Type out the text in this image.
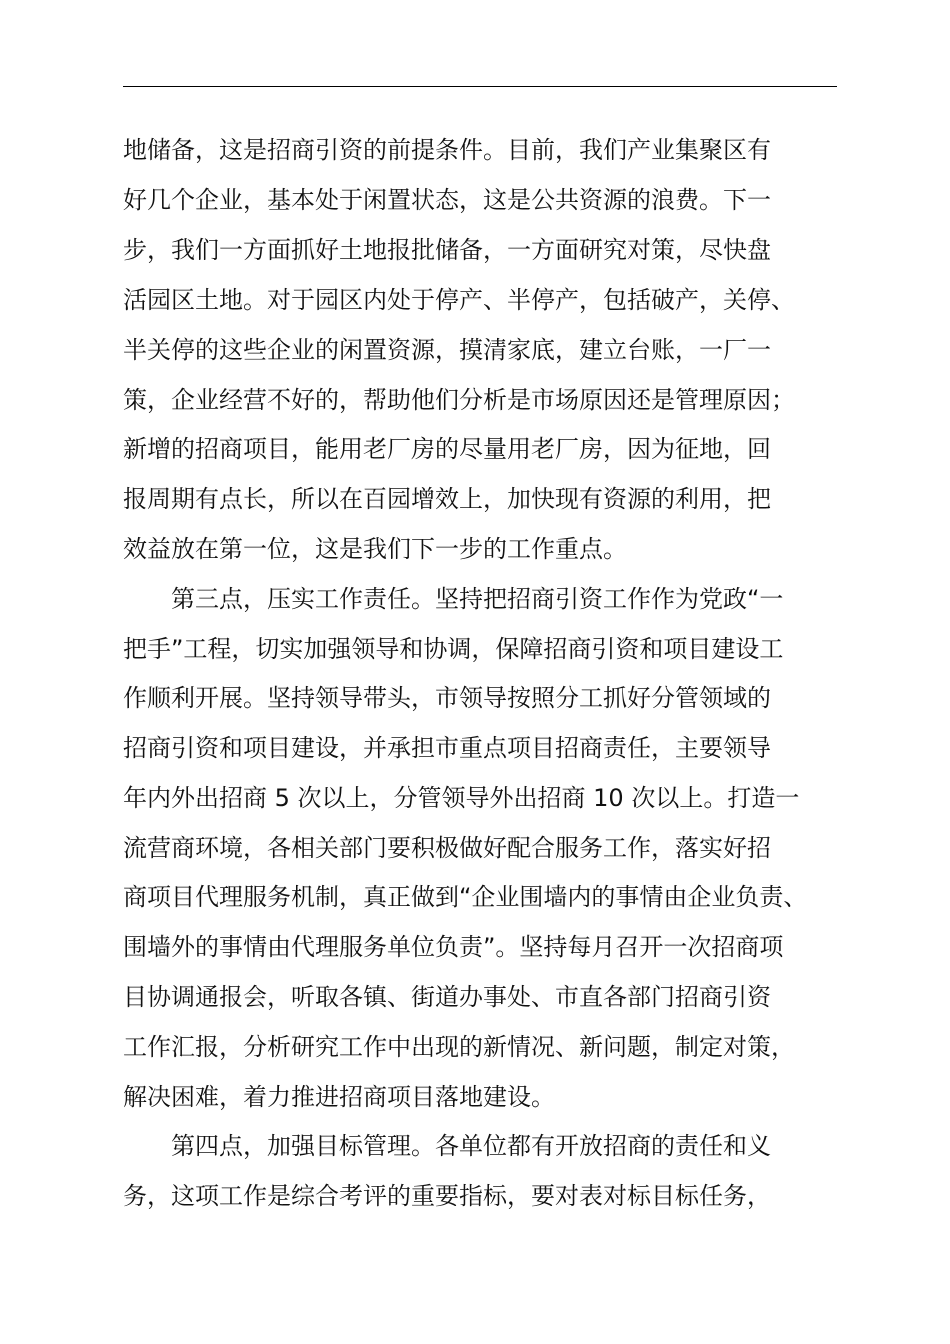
地储备，这是招商引资的前提条件。目前，我们产业集聚区有
好几个企业，基本处于闲置状态，这是公共资源的浪费。下一
步，我们一方面抓好土地报批储备，一方面研究对策，尽快盘
活园区土地。对于园区内处于停产、半停产，包括破产，关停、
半关停的这些企业的闲置资源，摸清家底，建立台账，一厂一
策，企业经营不好的，帮助他们分析是市场原因还是管理原因；
新增的招商项目，能用老厂房的尽量用老厂房，因为征地，回
报周期有点长，所以在百园增效上，加快现有资源的利用，把
效益放在第一位，这是我们下一步的工作重点。
第三点，压实工作责任。坚持把招商引资工作作为党政“一
把手”工程，切实加强领导和协调，保障招商引资和项目建设工
作顺利开展。坚持领导带头，市领导按照分工抓好分管领域的
招商引资和项目建设，并承担市重点项目招商责任，主要领导
年内外出招商 5 次以上，分管领导外出招商 10 次以上。打造一
流营商环境，各相关部门要积极做好配合服务工作，落实好招
商项目代理服务机制，真正做到“企业围墙内的事情由企业负责、
围墙外的事情由代理服务单位负责”。坚持每月召开一次招商项
目协调通报会，听取各镇、街道办事处、市直各部门招商引资
工作汇报，分析研究工作中出现的新情况、新问题，制定对策，
解决困难，着力推进招商项目落地建设。
第四点，加强目标管理。各单位都有开放招商的责任和义
务，这项工作是综合考评的重要指标，要对表对标目标任务，
